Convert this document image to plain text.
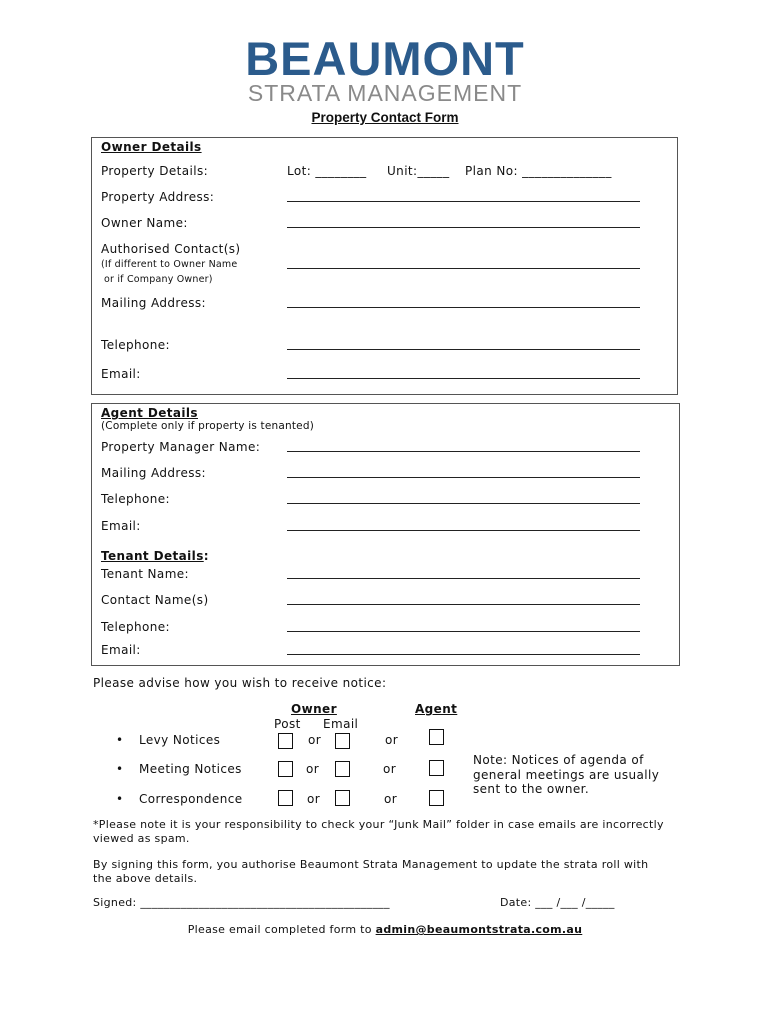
BEAUMONT
STRATA MANAGEMENT
Property Contact Form
Owner Details
Property Details:	Lot: ________ Unit:_____ Plan No: ______________
Property Address:
Owner Name:
Authorised Contact(s)
(If different to Owner Name
or if Company Owner)
Mailing Address:
Telephone:
Email:
Agent Details
(Complete only if property is tenanted)
Property Manager Name:
Mailing Address:
Telephone:
Email:
Tenant Details:
Tenant Name:
Contact Name(s)
Telephone:
Email:
Please advise how you wish to receive notice:
Owner	Agent
Post Email
• Levy Notices	or	or
• Meeting Notices	or	or
• Correspondence	or	or
Note: Notices of agenda of
general meetings are usually
sent to the owner.
*Please note it is your responsibility to check your “Junk Mail” folder in case emails are incorrectly
viewed as spam.
By signing this form, you authorise Beaumont Strata Management to update the strata roll with
the above details.
Signed: ___________________________________________	Date: ___ /___ /_____
Please email completed form to admin@beaumontstrata.com.au
